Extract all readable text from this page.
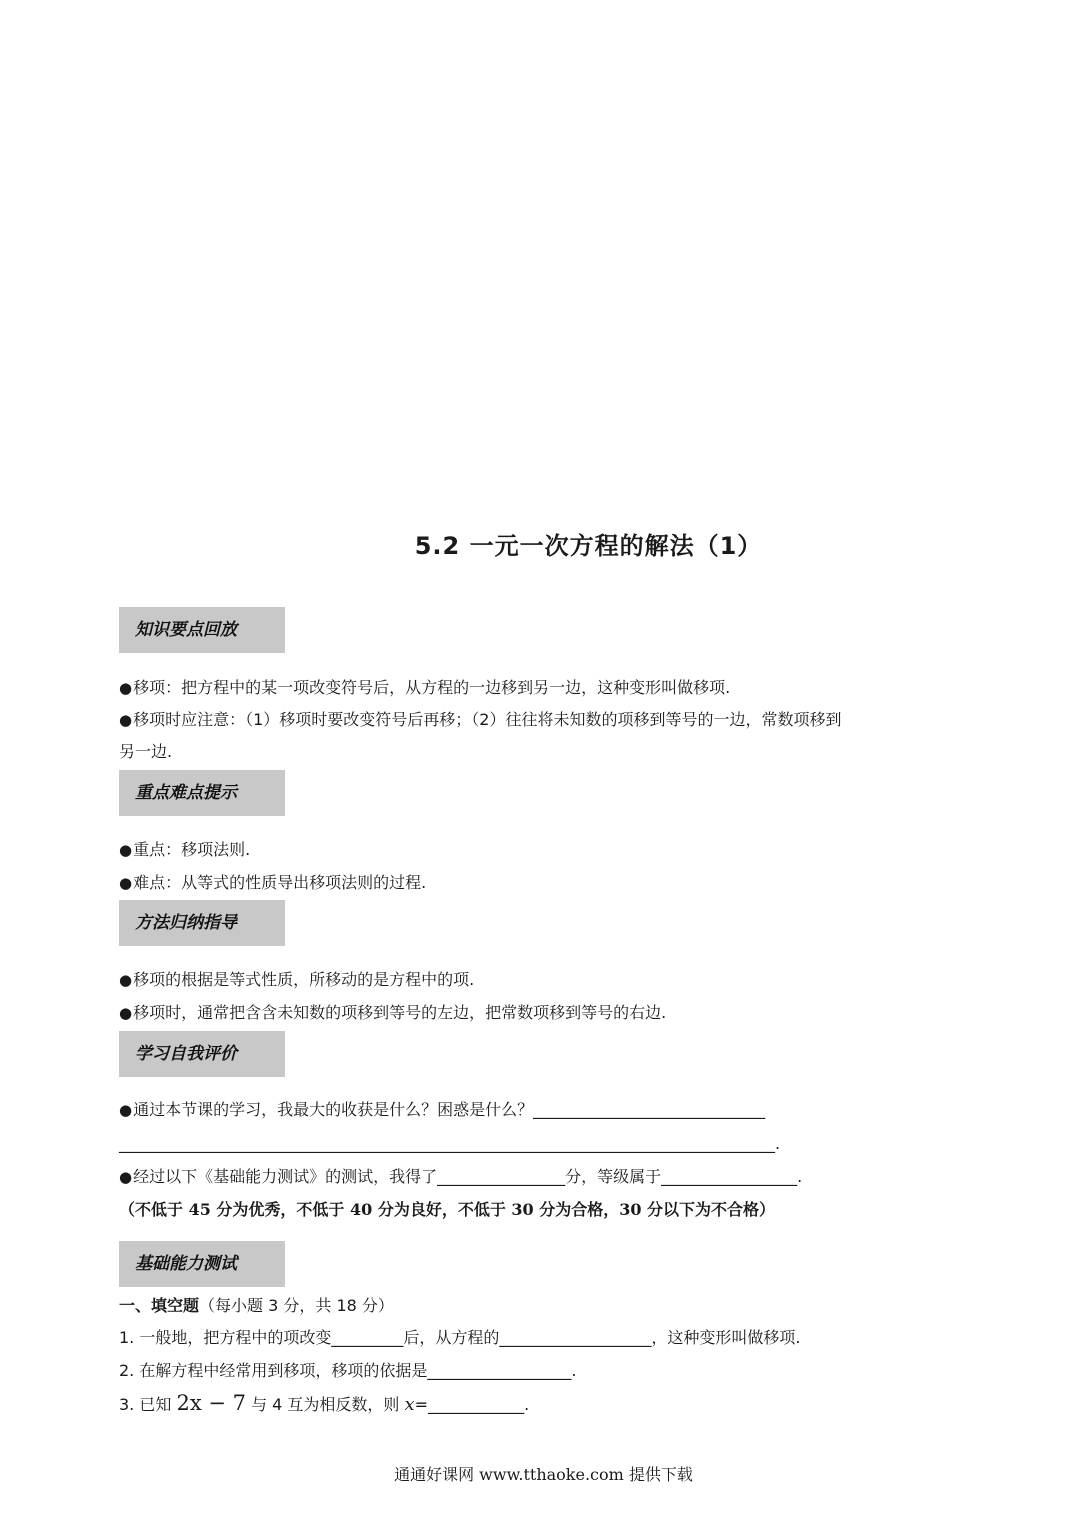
5.2 一元一次方程的解法（1）
知识要点回放
●移项：把方程中的某一项改变符号后，从方程的一边移到另一边，这种变形叫做移项.
●移项时应注意：（1）移项时要改变符号后再移；（2）往往将未知数的项移到等号的一边，常数项移到
另一边.
重点难点提示
●重点：移项法则.
●难点：从等式的性质导出移项法则的过程.
方法归纳指导
●移项的根据是等式性质，所移动的是方程中的项.
●移项时，通常把含含未知数的项移到等号的左边，把常数项移到等号的右边.
学习自我评价
●通过本节课的学习，我最大的收获是什么？困惑是什么？_____________________________
__________________________________________________________________________________.
●经过以下《基础能力测试》的测试，我得了________________分，等级属于_________________.
（不低于 45 分为优秀，不低于 40 分为良好，不低于 30 分为合格，30 分以下为不合格）
基础能力测试
一、填空题（每小题 3 分，共 18 分）
1. 一般地，把方程中的项改变_________后，从方程的___________________，这种变形叫做移项.
2. 在解方程中经常用到移项，移项的依据是__________________.
3. 已知 2x − 7 与 4 互为相反数，则 x=____________.
通通好课网 www.tthaoke.com 提供下载
